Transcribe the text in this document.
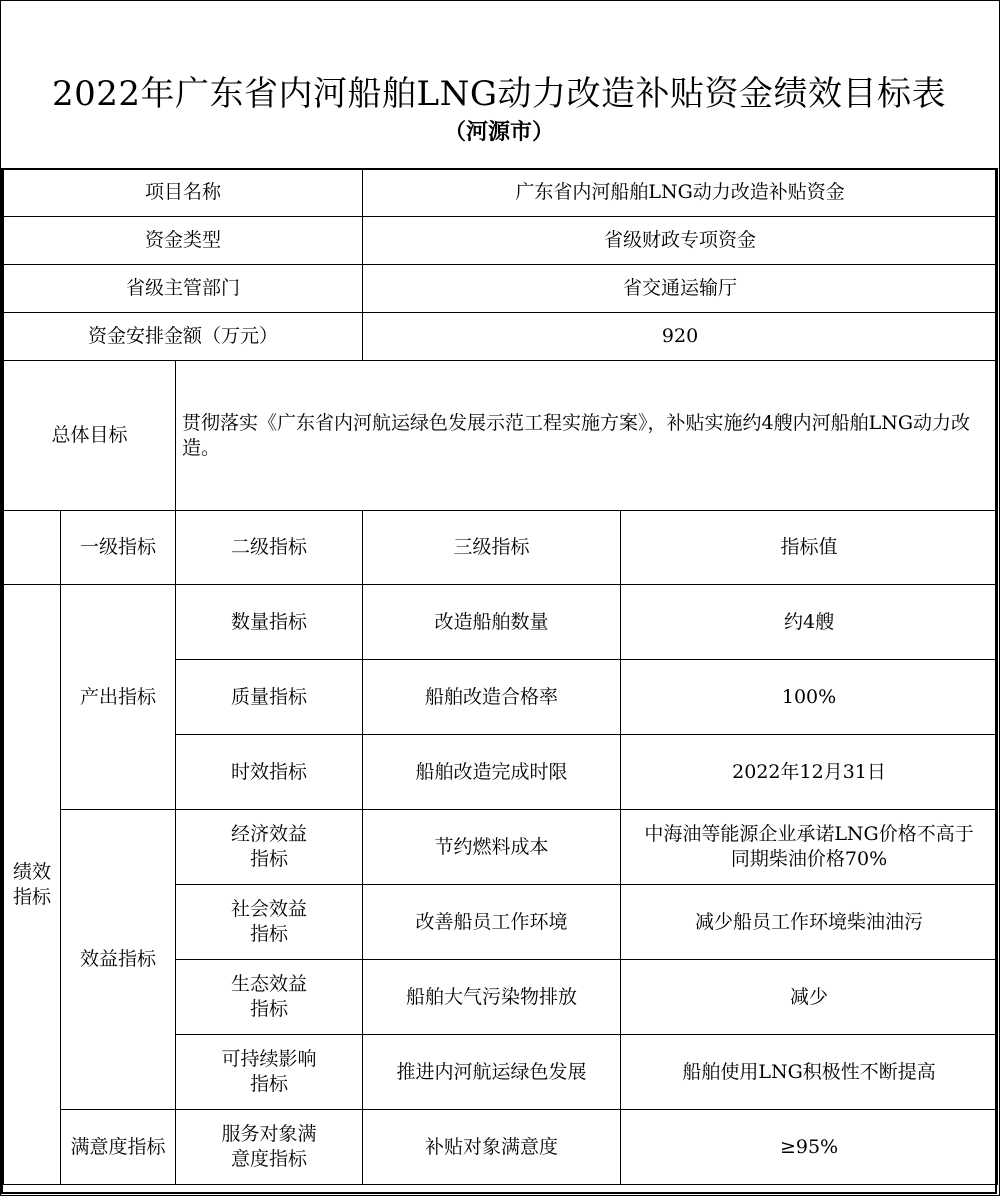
2022年广东省内河船舶LNG动力改造补贴资金绩效目标表
（河源市）
项目名称			广东省内河船舶LNG动力改造补贴资金	
资金类型			省级财政专项资金	
省级主管部门			省交通运输厅	
资金安排金额（万元）			920	
总体目标		贯彻落实《广东省内河航运绿色发展示范工程实施方案》，补贴实施约4艘内河船舶LNG动力改造。		
	一级指标	二级指标	三级指标	指标值
绩效指标	产出指标	数量指标	改造船舶数量	约4艘
		质量指标	船舶改造合格率	100%
		时效指标	船舶改造完成时限	2022年12月31日
	效益指标	经济效益指标	节约燃料成本	中海油等能源企业承诺LNG价格不高于同期柴油价格70%
		社会效益指标	改善船员工作环境	减少船员工作环境柴油油污
		生态效益指标	船舶大气污染物排放	减少
		可持续影响指标	推进内河航运绿色发展	船舶使用LNG积极性不断提高
	满意度指标	服务对象满意度指标	补贴对象满意度	≥95%
